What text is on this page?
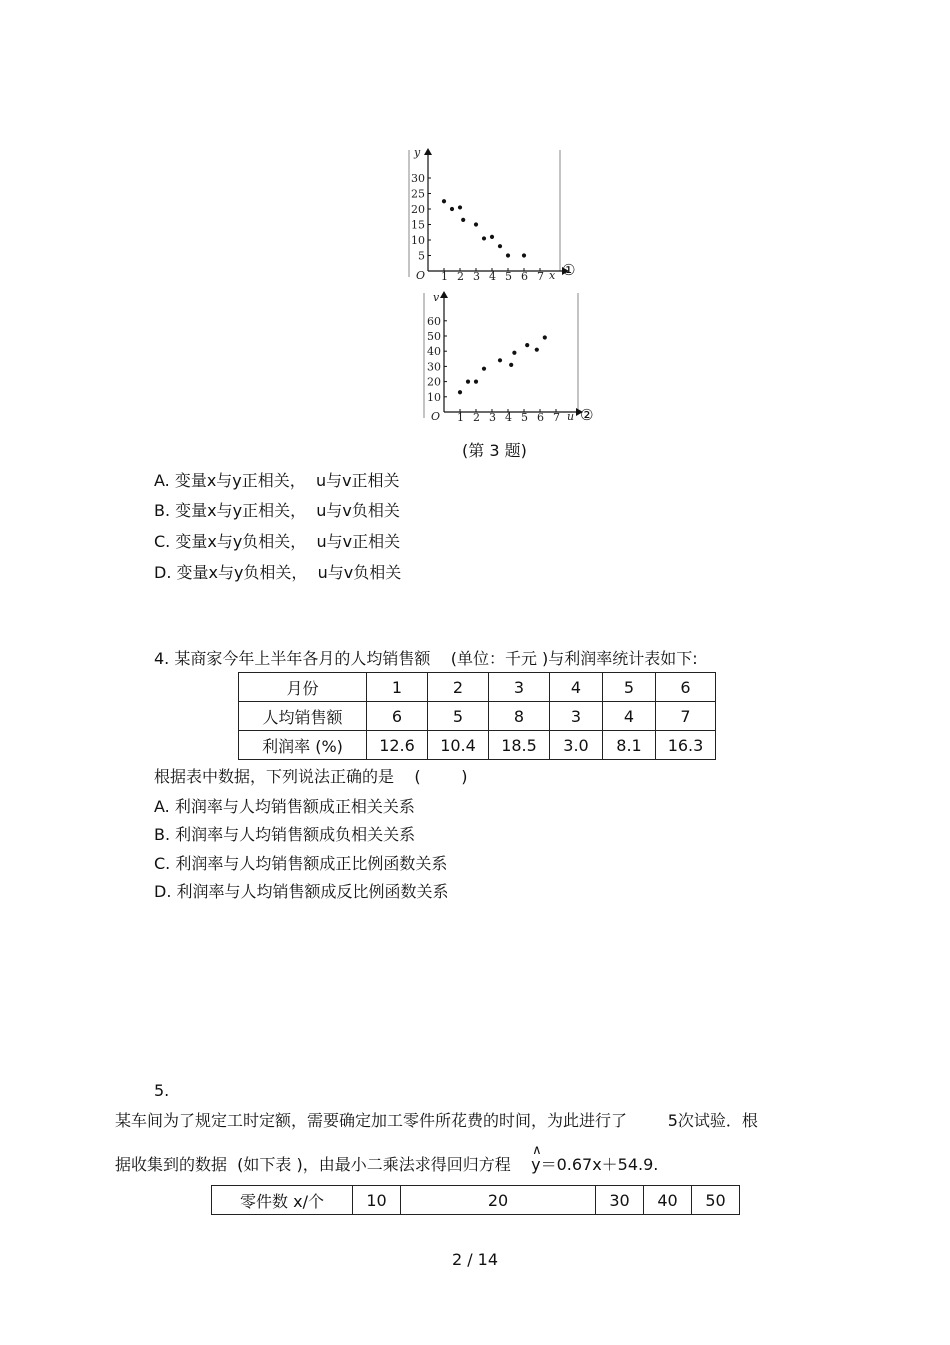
1 2 3 4 5 6 7
5
10
15
20
25
30
y
x
O	①
1 2 3 4 5 6 7
10
20
30
40
50
60
v
u
O	②
(第 3 题)
A. 变量x与y正相关，  u与v正相关
B. 变量x与y正相关，  u与v负相关
C. 变量x与y负相关，  u与v正相关
D. 变量x与y负相关，  u与v负相关
4. 某商家今年上半年各月的人均销售额    (单位：千元 )与利润率统计表如下:
月份	1	2	3	4	5	6
人均销售额	6	5	8	3	4	7
利润率 (%)	12.6	10.4	18.5	3.0	8.1	16.3
根据表中数据，下列说法正确的是    (        )
A. 利润率与人均销售额成正相关关系
B. 利润率与人均销售额成负相关关系
C. 利润率与人均销售额成正比例函数关系
D. 利润率与人均销售额成反比例函数关系
5.
某车间为了规定工时定额，需要确定加工零件所花费的时间，为此进行了        5次试验．根
据收集到的数据  (如下表 )，由最小二乘法求得回归方程    ∧ y＝0.67x＋54.9.
零件数 x/个	10	20	30	40	50
2 / 14
